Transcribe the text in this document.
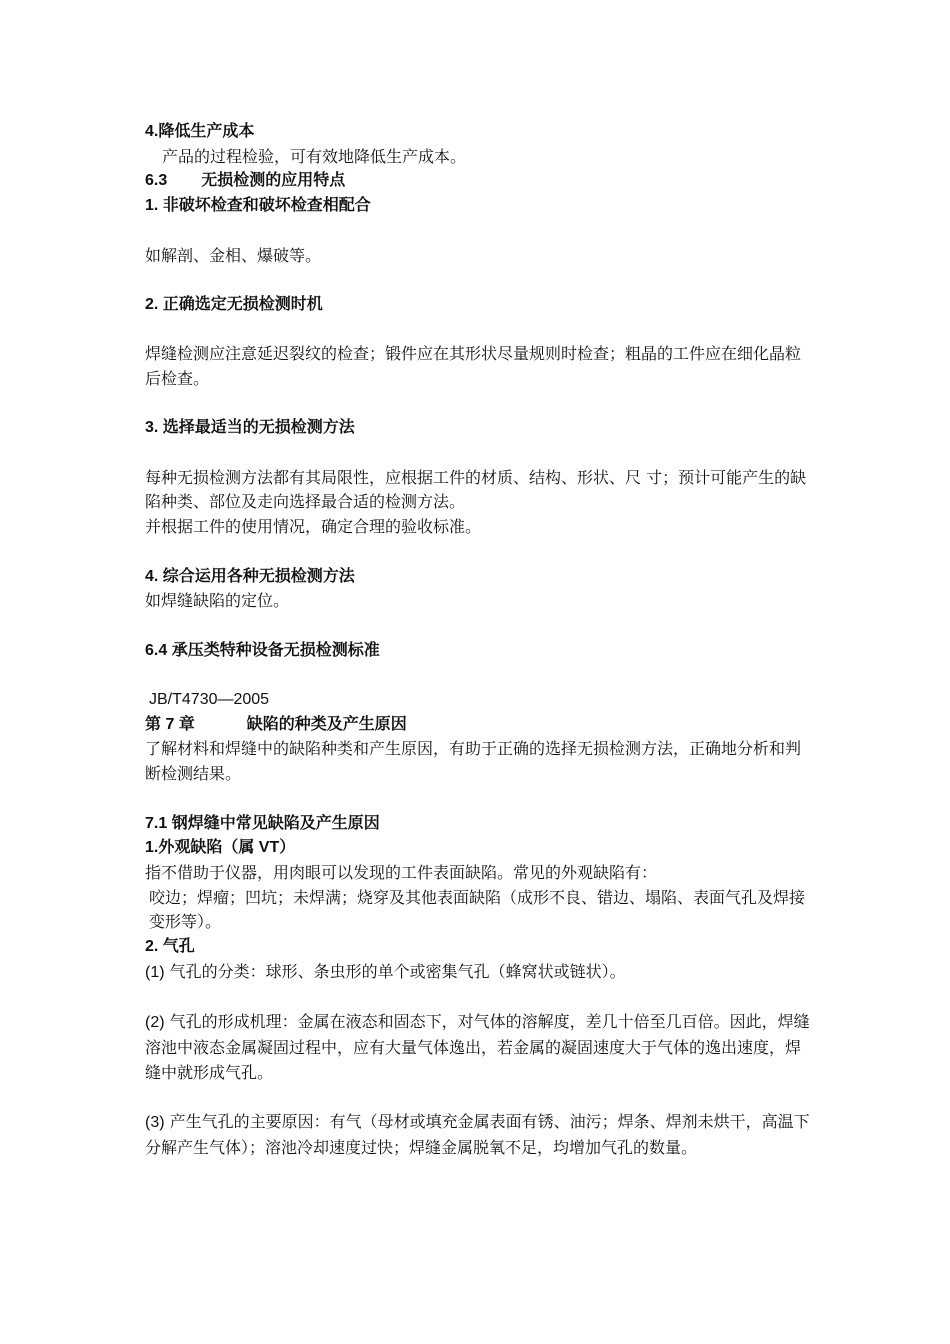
4.降低生产成本

产品的过程检验，可有效地降低生产成本。

6.3 无损检测的应用特点

1. 非破坏检查和破坏检查相配合

如解剖、金相、爆破等。

2. 正确选定无损检测时机

焊缝检测应注意延迟裂纹的检查；锻件应在其形状尽量规则时检查；粗晶的工件应在细化晶粒后检查。

3. 选择最适当的无损检测方法

每种无损检测方法都有其局限性，应根据工件的材质、结构、形状、尺 寸；预计可能产生的缺陷种类、部位及走向选择最合适的检测方法。

并根据工件的使用情况，确定合理的验收标准。

4. 综合运用各种无损检测方法

如焊缝缺陷的定位。

6.4 承压类特种设备无损检测标准

JB/T4730—2005

第 7 章	缺陷的种类及产生原因

了解材料和焊缝中的缺陷种类和产生原因，有助于正确的选择无损检测方法，正确地分析和判断检测结果。

7.1 钢焊缝中常见缺陷及产生原因

1.外观缺陷（属 VT）

指不借助于仪器，用肉眼可以发现的工件表面缺陷。常见的外观缺陷有：

咬边；焊瘤；凹坑；未焊满；烧穿及其他表面缺陷（成形不良、错边、塌陷、表面气孔及焊接变形等）。

2. 气孔

(1) 气孔的分类：球形、条虫形的单个或密集气孔（蜂窝状或链状）。

(2) 气孔的形成机理：金属在液态和固态下，对气体的溶解度，差几十倍至几百倍。因此，焊缝溶池中液态金属凝固过程中，应有大量气体逸出，若金属的凝固速度大于气体的逸出速度，焊缝中就形成气孔。

(3) 产生气孔的主要原因：有气（母材或填充金属表面有锈、油污；焊条、焊剂未烘干，高温下分解产生气体）；溶池冷却速度过快；焊缝金属脱氧不足，均增加气孔的数量。
